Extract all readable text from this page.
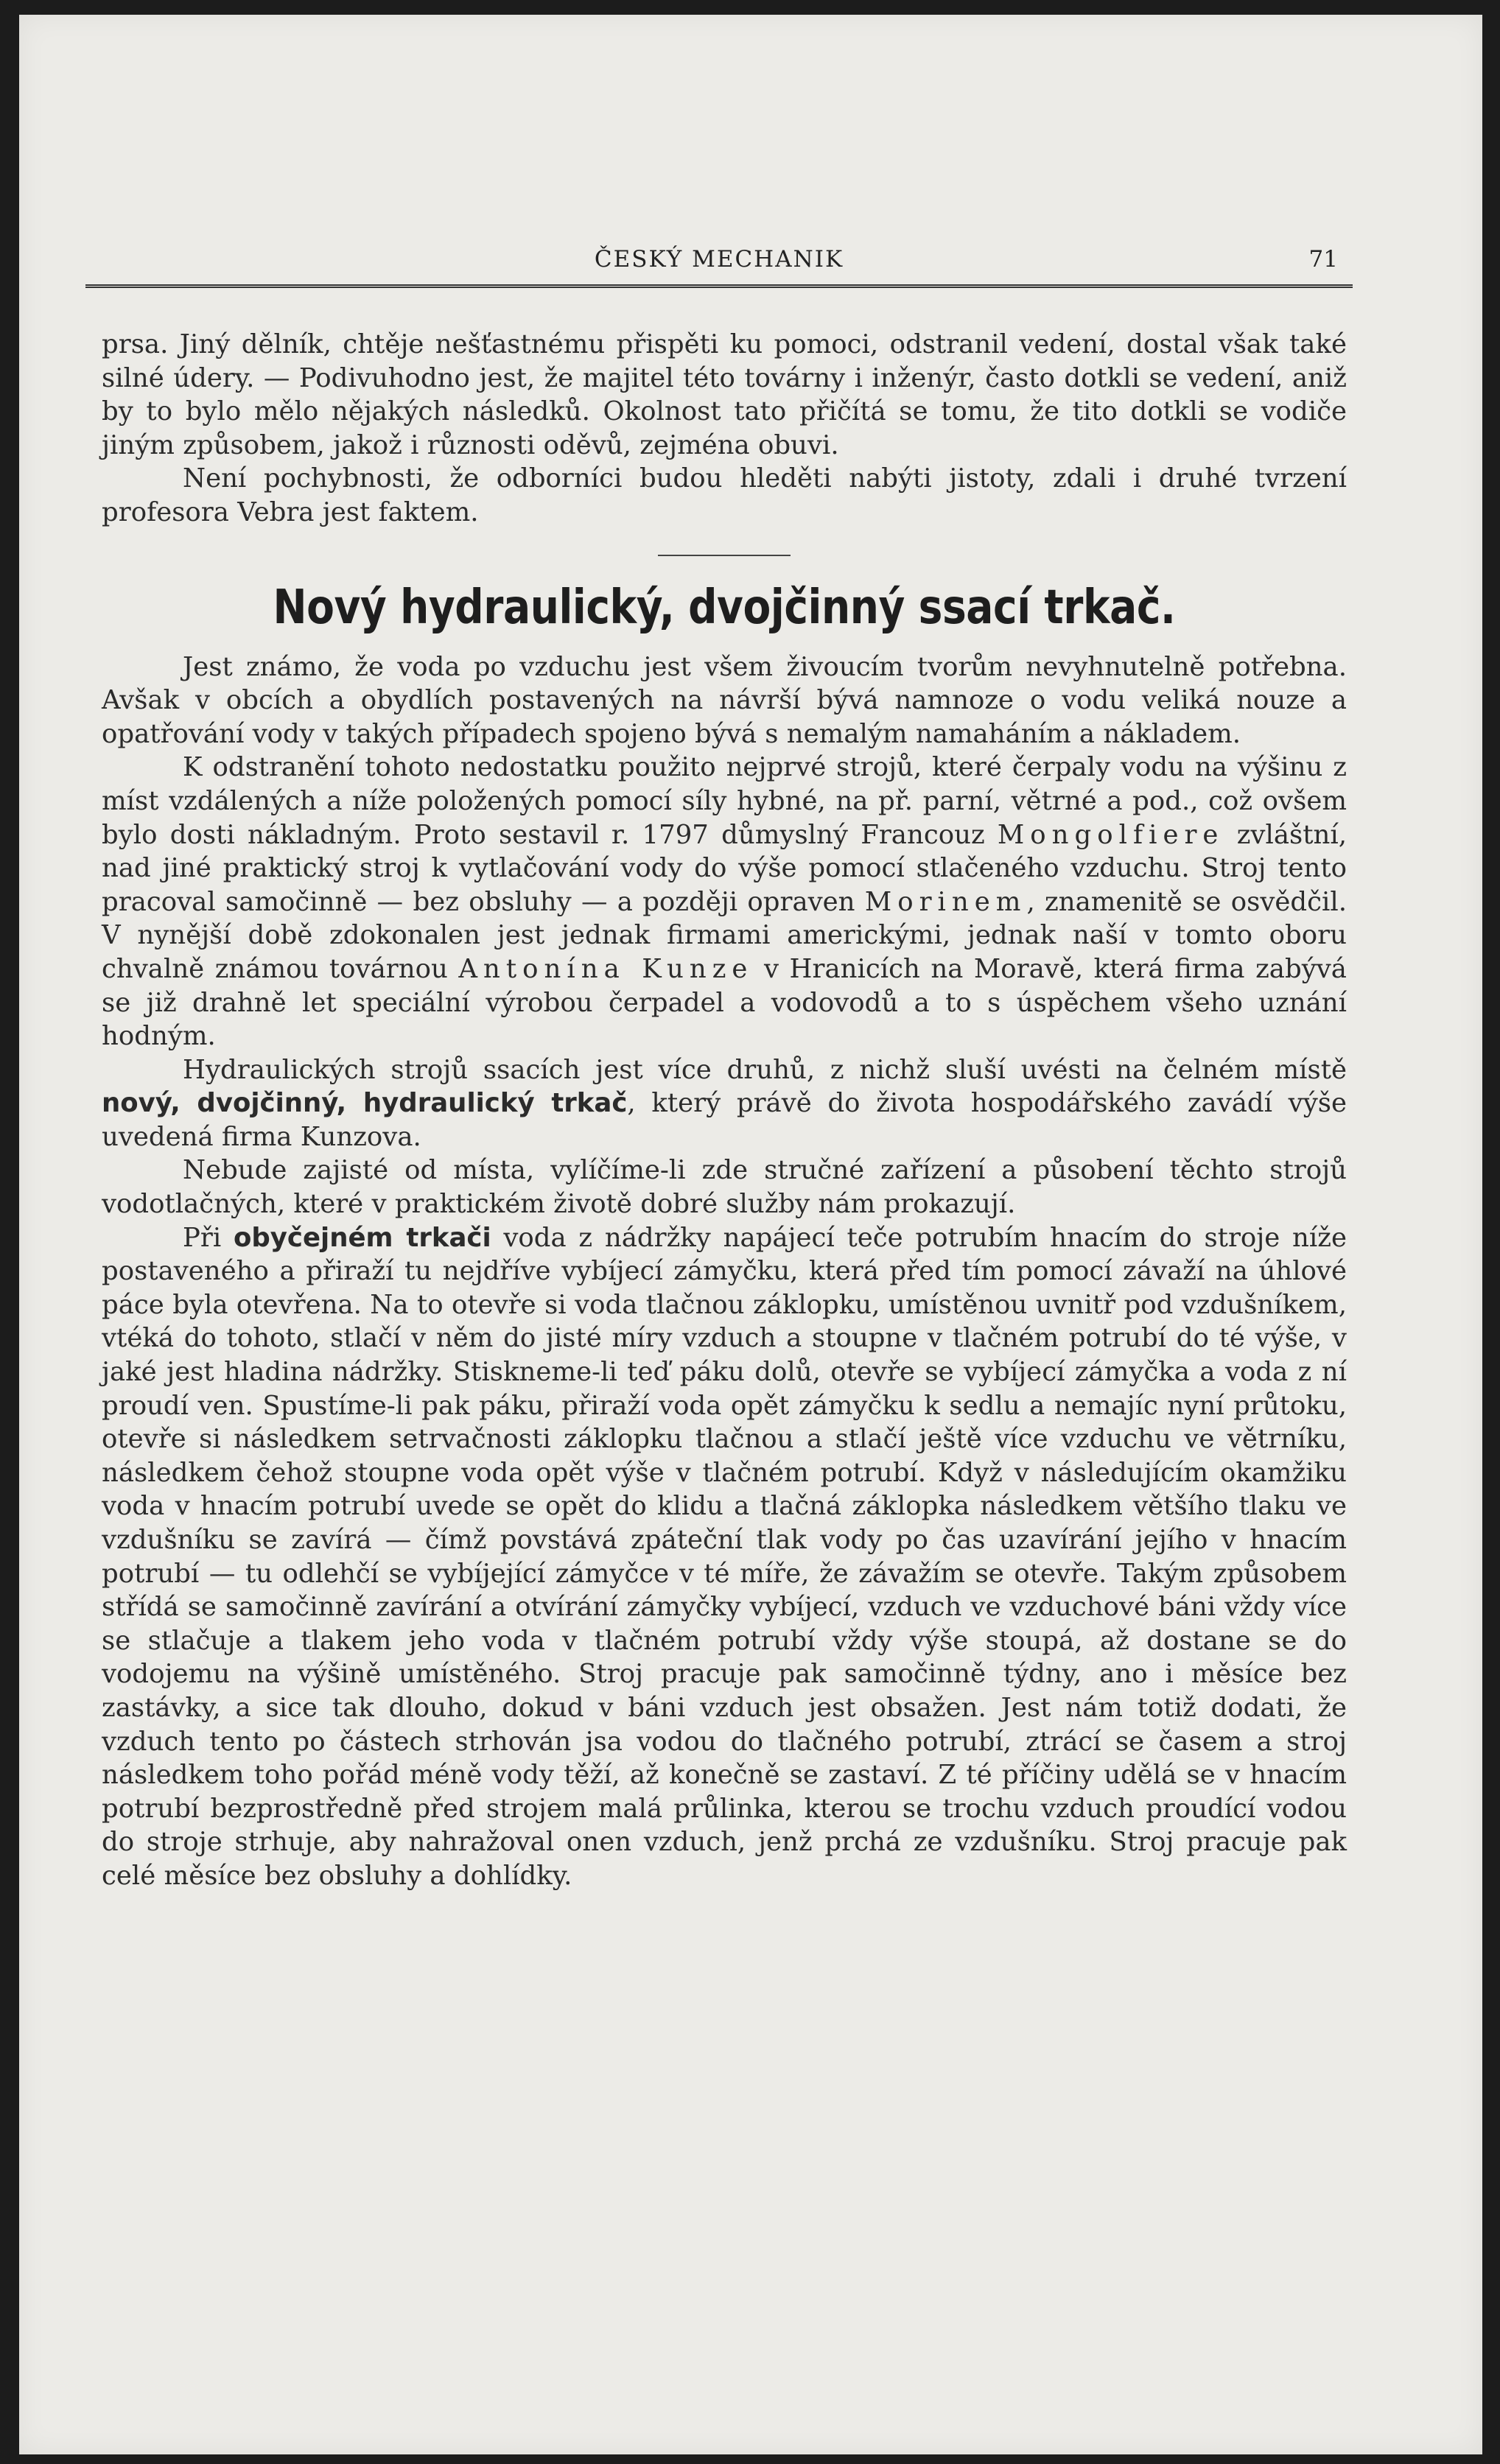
ČESKÝ MECHANIK	71

prsa. Jiný dělník, chtěje nešťastnému přispěti ku pomoci, odstranil vedení, dostal však také silné údery. — Podivuhodno jest, že majitel této továrny i inženýr, často dotkli se vedení, aniž by to bylo mělo nějakých následků. Okolnost tato přičítá se tomu, že tito dotkli se vodiče jiným způsobem, jakož i různosti oděvů, zejména obuvi.

Není pochybnosti, že odborníci budou hleděti nabýti jistoty, zdali i druhé tvrzení profesora Vebra jest faktem.

Nový hydraulický, dvojčinný ssací trkač.

Jest známo, že voda po vzduchu jest všem živoucím tvorům nevyhnutelně potřebna. Avšak v obcích a obydlích postavených na návrší bývá namnoze o vodu veliká nouze a opatřování vody v takých případech spojeno bývá s nemalým namaháním a nákladem.

K odstranění tohoto nedostatku použito nejprvé strojů, které čerpaly vodu na výšinu z míst vzdálených a níže položených pomocí síly hybné, na př. parní, větrné a pod., což ovšem bylo dosti nákladným. Proto sestavil r. 1797 důmyslný Francouz Mongolfiere zvláštní, nad jiné praktický stroj k vytlačování vody do výše pomocí stlačeného vzduchu. Stroj tento pracoval samočinně — bez obsluhy — a později opraven Morinem, znamenitě se osvědčil. V nynější době zdokonalen jest jednak firmami americkými, jednak naší v tomto oboru chvalně známou továrnou Antonína Kunze v Hranicích na Moravě, která firma zabývá se již drahně let speciální výrobou čerpadel a vodovodů a to s úspěchem všeho uznání hodným.

Hydraulických strojů ssacích jest více druhů, z nichž sluší uvésti na čelném místě nový, dvojčinný, hydraulický trkač, který právě do života hospodářského zavádí výše uvedená firma Kunzova.

Nebude zajisté od místa, vylíčíme-li zde stručné zařízení a působení těchto strojů vodotlačných, které v praktickém životě dobré služby nám prokazují.

Při obyčejném trkači voda z nádržky napájecí teče potrubím hnacím do stroje níže postaveného a přiraží tu nejdříve vybíjecí zámyčku, která před tím pomocí závaží na úhlové páce byla otevřena. Na to otevře si voda tlačnou záklopku, umístěnou uvnitř pod vzdušníkem, vtéká do tohoto, stlačí v něm do jisté míry vzduch a stoupne v tlačném potrubí do té výše, v jaké jest hladina nádržky. Stiskneme-li teď páku dolů, otevře se vybíjecí zámyčka a voda z ní proudí ven. Spustíme-li pak páku, přiraží voda opět zámyčku k sedlu a nemajíc nyní průtoku, otevře si následkem setrvačnosti záklopku tlačnou a stlačí ještě více vzduchu ve větrníku, následkem čehož stoupne voda opět výše v tlačném potrubí. Když v následujícím okamžiku voda v hnacím potrubí uvede se opět do klidu a tlačná záklopka následkem většího tlaku ve vzdušníku se zavírá — čímž povstává zpáteční tlak vody po čas uzavírání jejího v hnacím potrubí — tu odlehčí se vybíjející zámyčce v té míře, že závažím se otevře. Takým způsobem střídá se samočinně zavírání a otvírání zámyčky vybíjecí, vzduch ve vzduchové báni vždy více se stlačuje a tlakem jeho voda v tlačném potrubí vždy výše stoupá, až dostane se do vodojemu na výšině umístěného. Stroj pracuje pak samočinně týdny, ano i měsíce bez zastávky, a sice tak dlouho, dokud v báni vzduch jest obsažen. Jest nám totiž dodati, že vzduch tento po částech strhován jsa vodou do tlačného potrubí, ztrácí se časem a stroj následkem toho pořád méně vody těží, až konečně se zastaví. Z té příčiny udělá se v hnacím potrubí bezprostředně před strojem malá průlinka, kterou se trochu vzduch proudící vodou do stroje strhuje, aby nahražoval onen vzduch, jenž prchá ze vzdušníku. Stroj pracuje pak celé měsíce bez obsluhy a dohlídky.
